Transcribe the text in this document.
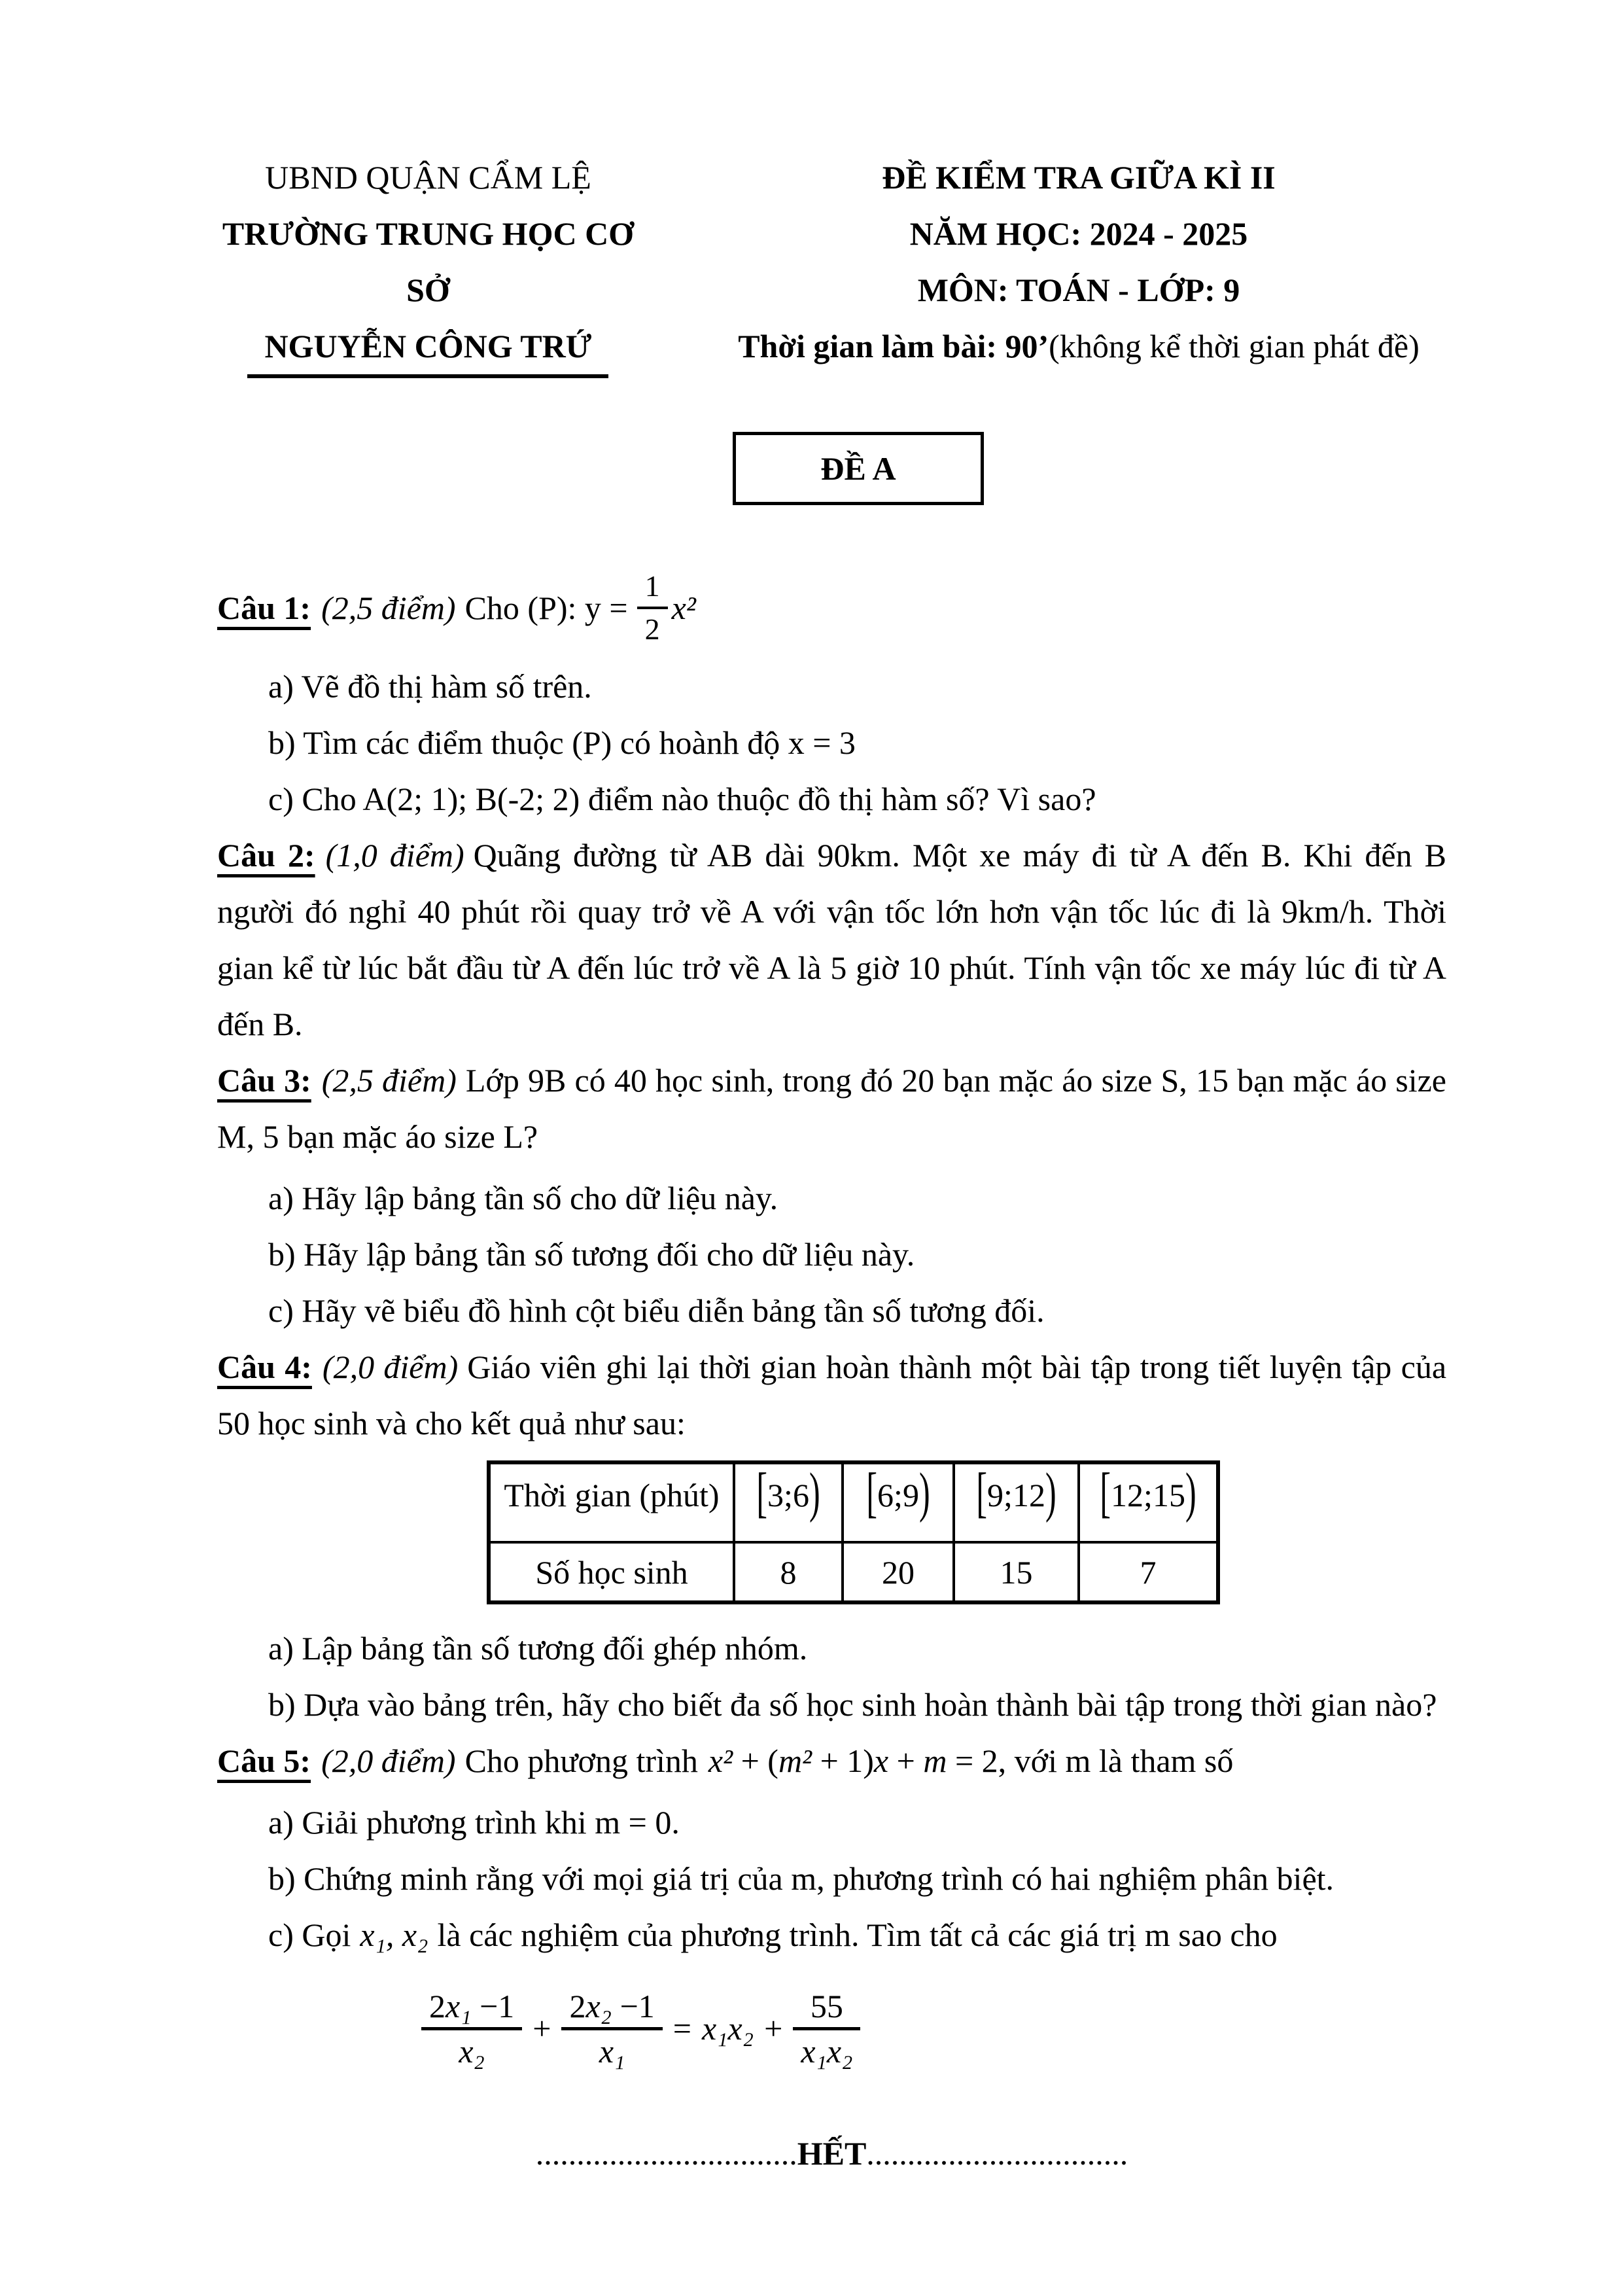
UBND QUẬN CẨM LỆ
TRƯỜNG TRUNG HỌC CƠ SỞ
NGUYỄN CÔNG TRỨ
ĐỀ KIỂM TRA GIỮA KÌ II
NĂM HỌC: 2024 - 2025
MÔN: TOÁN - LỚP: 9
Thời gian làm bài: 90’(không kể thời gian phát đề)
ĐỀ A
Câu 1: (2,5 điểm) Cho (P): $y = \frac{1}{2} x^2$
a) Vẽ đồ thị hàm số trên.
b) Tìm các điểm thuộc (P) có hoành độ x = 3
c) Cho A(2; 1); B(-2; 2) điểm nào thuộc đồ thị hàm số? Vì sao?

Câu 2: (1,0 điểm) Quãng đường từ AB dài 90km. Một xe máy đi từ A đến B. Khi đến B người đó nghỉ 40 phút rồi quay trở về A với vận tốc lớn hơn vận tốc lúc đi là 9km/h. Thời gian kể từ lúc bắt đầu từ A đến lúc trở về A là 5 giờ 10 phút. Tính vận tốc xe máy lúc đi từ A đến B.

Câu 3: (2,5 điểm) Lớp 9B có 40 học sinh, trong đó 20 bạn mặc áo size S, 15 bạn mặc áo size M, 5 bạn mặc áo size L?

a) Hãy lập bảng tần số cho dữ liệu này.
b) Hãy lập bảng tần số tương đối cho dữ liệu này.
c) Hãy vẽ biểu đồ hình cột biểu diễn bảng tần số tương đối.

Câu 4: (2,0 điểm) Giáo viên ghi lại thời gian hoàn thành một bài tập trong tiết luyện tập của 50 học sinh và cho kết quả như sau:

Thời gian (phút)	[3;6)	[6;9)	[9;12)	[12;15)
Số học sinh	8	20	15	7
a) Lập bảng tần số tương đối ghép nhóm.
b) Dựa vào bảng trên, hãy cho biết đa số học sinh hoàn thành bài tập trong thời gian nào?
Câu 5: (2,0 điểm) Cho phương trình x² + (m² + 1)x + m = 2, với m là tham số
a) Giải phương trình khi m = 0.
b) Chứng minh rằng với mọi giá trị của m, phương trình có hai nghiệm phân biệt.
c) Gọi x₁, x₂ là các nghiệm của phương trình. Tìm tất cả các giá trị m sao cho
$\frac{\text{2x₁ −1}}{\text{x₂}} + \frac{\text{2x₂ −1}}{\text{x₁}} = x_1x_2 + \frac{55}{\text{x₁x₂}}$
................................HẾT................................
